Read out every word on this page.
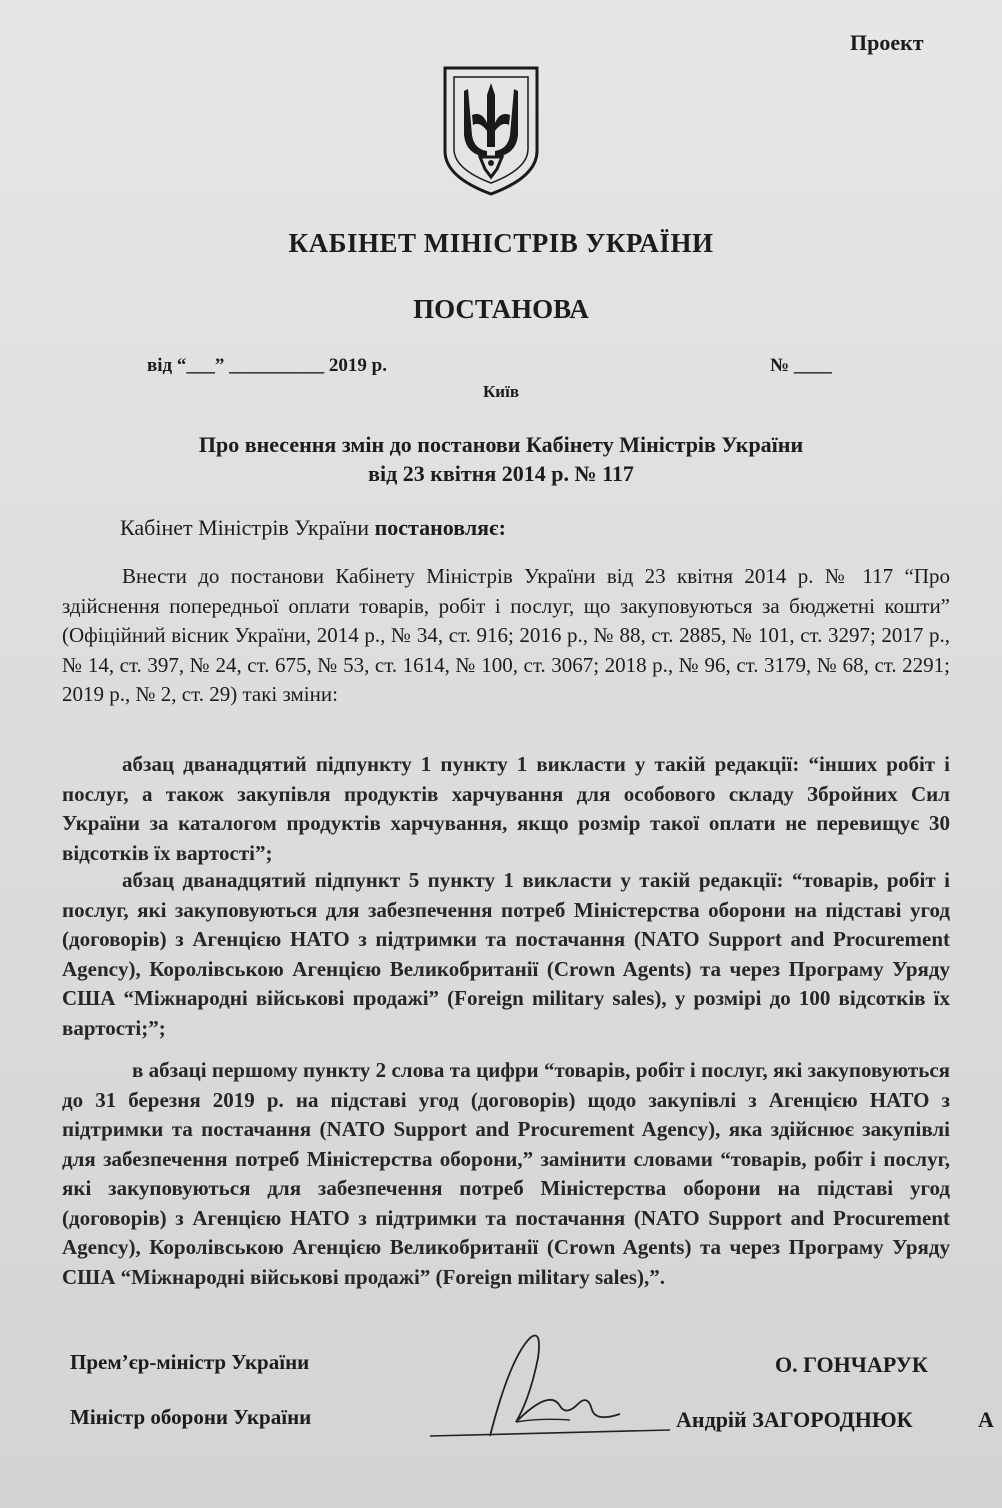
Проект
КАБІНЕТ МІНІСТРІВ УКРАЇНИ
ПОСТАНОВА
від “___” __________ 2019 р.	№ ____
Київ
Про внесення змін до постанови Кабінету Міністрів України
від 23 квітня 2014 р. № 117
Кабінет Міністрів України постановляє:
Внести до постанови Кабінету Міністрів України від 23 квітня 2014 р. № 117 “Про здійснення попередньої оплати товарів, робіт і послуг, що закуповуються за бюджетні кошти” (Офіційний вісник України, 2014 р., № 34, ст. 916; 2016 р., № 88, ст. 2885, № 101, ст. 3297; 2017 р., № 14, ст. 397, № 24, ст. 675, № 53, ст. 1614, № 100, ст. 3067; 2018 р., № 96, ст. 3179, № 68, ст. 2291; 2019 р., № 2, ст. 29) такі зміни:
абзац дванадцятий підпункту 1 пункту 1 викласти у такій редакції: “інших робіт і послуг, а також закупівля продуктів харчування для особового складу Збройних Сил України за каталогом продуктів харчування, якщо розмір такої оплати не перевищує 30 відсотків їх вартості”;
абзац дванадцятий підпункт 5 пункту 1 викласти у такій редакції: “товарів, робіт і послуг, які закуповуються для забезпечення потреб Міністерства оборони на підставі угод (договорів) з Агенцією НАТО з підтримки та постачання (NATO Support and Procurement Agency), Королівською Агенцією Великобританії (Crown Agents) та через Програму Уряду США “Міжнародні військові продажі” (Foreign military sales), у розмірі до 100 відсотків їх вартості;”;
в абзаці першому пункту 2 слова та цифри “товарів, робіт і послуг, які закуповуються до 31 березня 2019 р. на підставі угод (договорів) щодо закупівлі з Агенцією НАТО з підтримки та постачання (NATO Support and Procurement Agency), яка здійснює закупівлі для забезпечення потреб Міністерства оборони,” замінити словами “товарів, робіт і послуг, які закуповуються для забезпечення потреб Міністерства оборони на підставі угод (договорів) з Агенцією НАТО з підтримки та постачання (NATO Support and Procurement Agency), Королівською Агенцією Великобританії (Crown Agents) та через Програму Уряду США “Міжнародні військові продажі” (Foreign military sales),”.
Прем’єр-міністр України	О. ГОНЧАРУК
Міністр оборони України	Андрій ЗАГОРОДНЮК	А
